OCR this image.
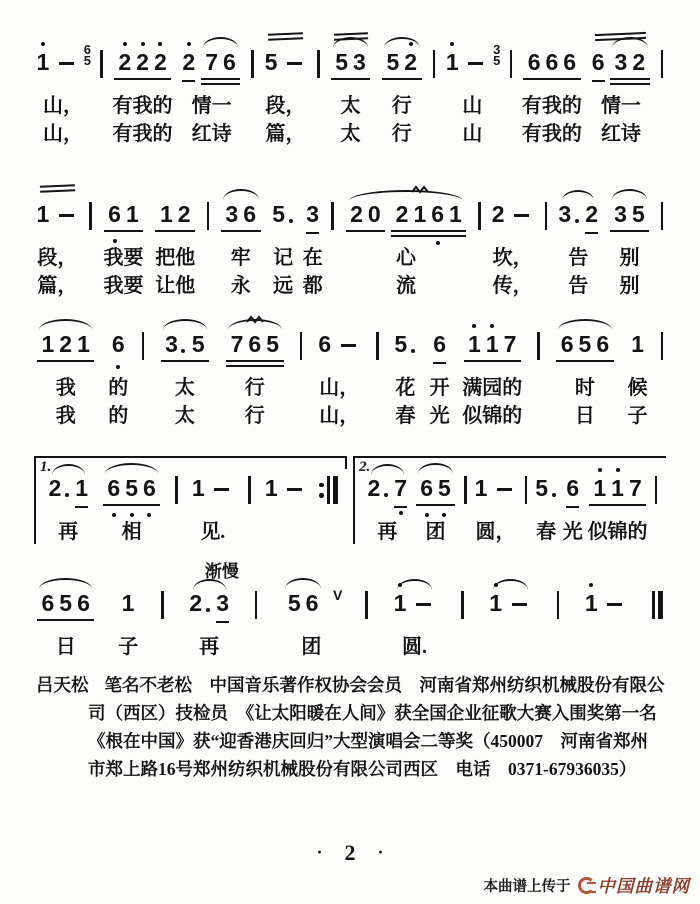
1	6
5
山，
山，
2 2 2
有我的
有我的
2 7 6
情一
红诗
5
段，
篇，
5 3
太
太
5 2
行
行
1	3
5
山
山
6 6 6
有我的
有我的
6 3 2
情一
红诗
1
段，
篇，
6 1
我要
我要
1 2
把他
让他
3 6
牢
永
5
记
远
3
在
都
2 0 2 1 6 1
心
流
2
坎，
传，
3 2
告
告
3 5
别
别
1 2 1
我
我
6
的
的
3 5
太
太
7 6 5
行
行
6
山，
山，
5
花
春
6
开
光
1 1 7
满园的
似锦的
6 5 6
时
日
1
候
子
1.
2 1
再
6 5 6
相
1
见.
1
2.
2 7
再
6 5
团
1
圆，
5
春
6
光
1 1 7
似锦的
6 5 6
日
1
子
渐慢
2 3
再
5 6 V
团
1
圆.
1	1
吕天松 笔名不老松　中国音乐著作权协会会员　河南省郑州纺织机械股份有限公
司（西区）技检员　《让太阳暖在人间》获全国企业征歌大赛入围奖第一名
《根在中国》获“迎香港庆回归”大型演唱会二等奖（450007　河南省郑州
市郑上路16号郑州纺织机械股份有限公司西区　电话　0371-67936035）
· 2 ·
本曲谱上传于 中国曲谱网
